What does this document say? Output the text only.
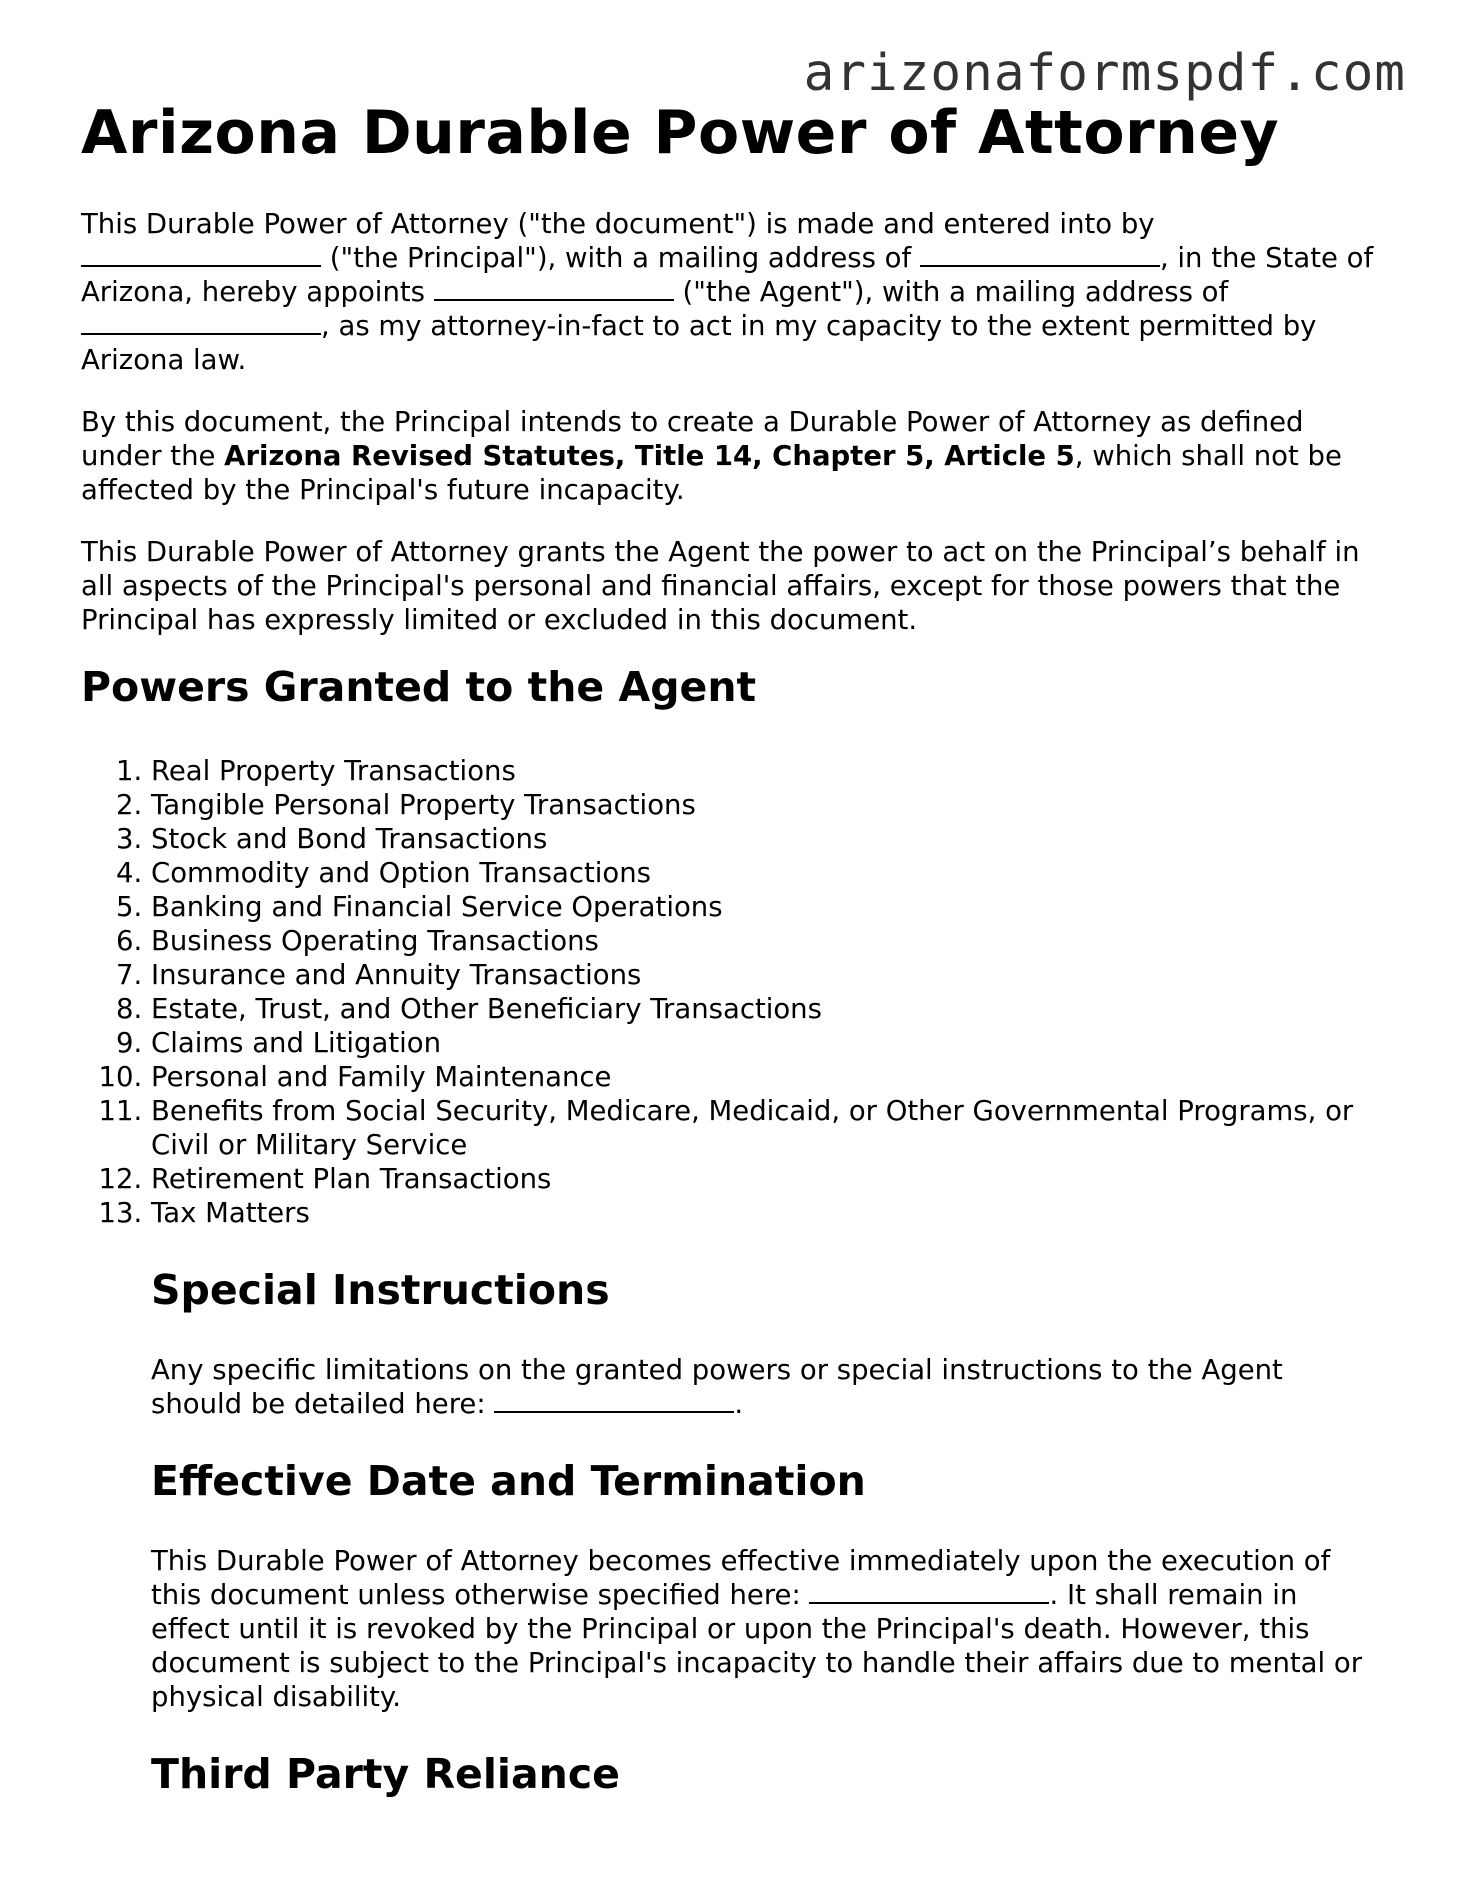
arizonaformspdf.com
Arizona Durable Power of Attorney

This Durable Power of Attorney ("the document") is made and entered into by
("the Principal"), with a mailing address of	, in the State of Arizona, hereby appoints	("the Agent"), with a mailing address of
, as my attorney-in-fact to act in my capacity to the extent permitted by Arizona law.

By this document, the Principal intends to create a Durable Power of Attorney as defined under the Arizona Revised Statutes, Title 14, Chapter 5, Article 5, which shall not be affected by the Principal's future incapacity.

This Durable Power of Attorney grants the Agent the power to act on the Principal’s behalf in all aspects of the Principal's personal and financial affairs, except for those powers that the Principal has expressly limited or excluded in this document.

Powers Granted to the Agent
1. Real Property Transactions
2. Tangible Personal Property Transactions
3. Stock and Bond Transactions
4. Commodity and Option Transactions
5. Banking and Financial Service Operations
6. Business Operating Transactions
7. Insurance and Annuity Transactions
8. Estate, Trust, and Other Beneficiary Transactions
9. Claims and Litigation
10. Personal and Family Maintenance
11. Benefits from Social Security, Medicare, Medicaid, or Other Governmental Programs, or Civil or Military Service
12. Retirement Plan Transactions
13. Tax Matters
Special Instructions

Any specific limitations on the granted powers or special instructions to the Agent should be detailed here:	.

Effective Date and Termination

This Durable Power of Attorney becomes effective immediately upon the execution of this document unless otherwise specified here:	. It shall remain in effect until it is revoked by the Principal or upon the Principal's death. However, this document is subject to the Principal's incapacity to handle their affairs due to mental or physical disability.

Third Party Reliance
